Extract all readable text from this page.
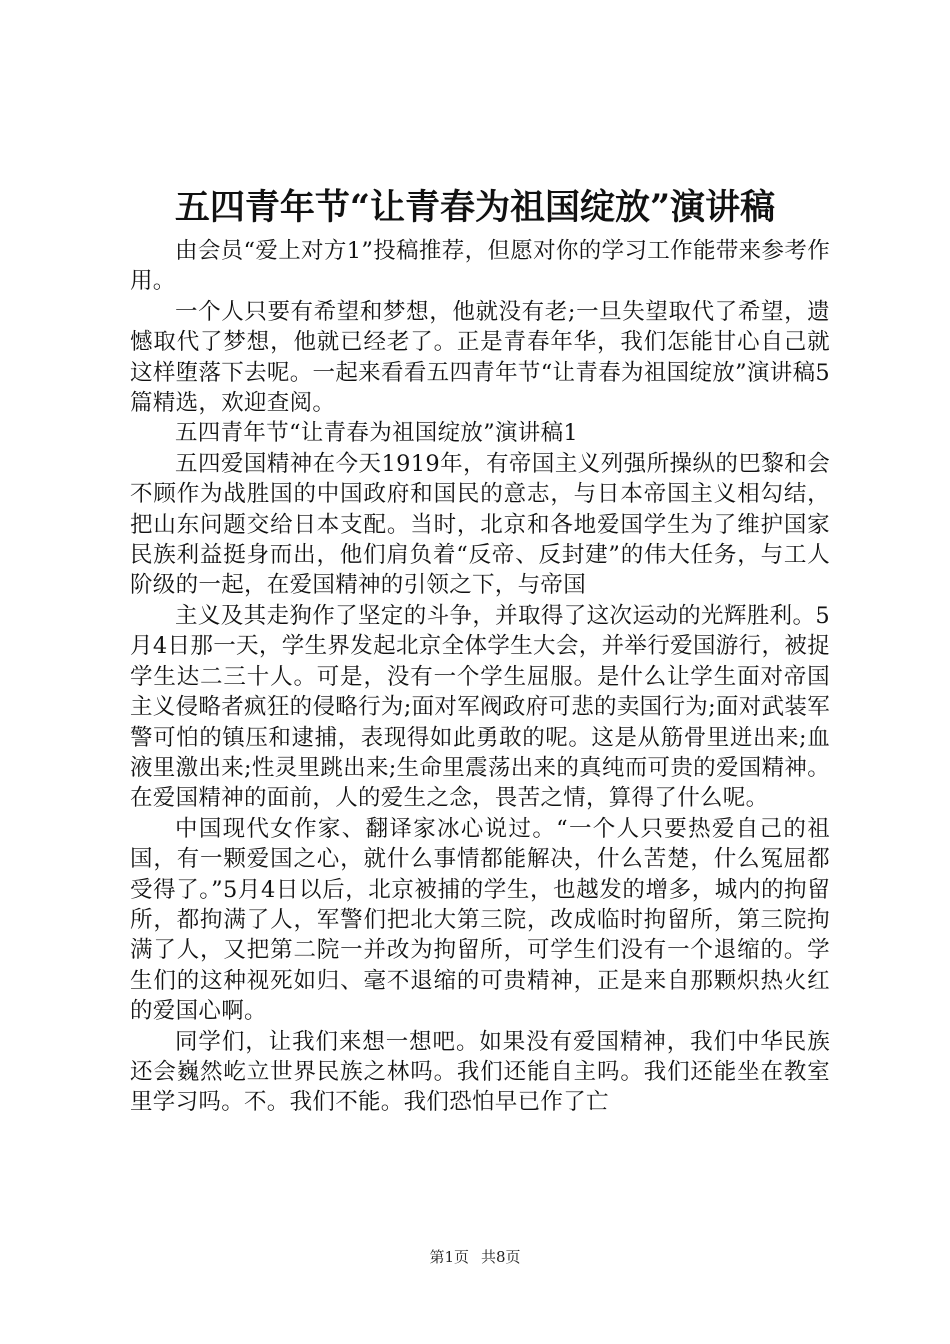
五四青年节“让青春为祖国绽放”演讲稿

由会员“爱上对方1”投稿推荐，但愿对你的学习工作能带来参考作用。

一个人只要有希望和梦想，他就没有老;一旦失望取代了希望，遗憾取代了梦想，他就已经老了。正是青春年华，我们怎能甘心自己就这样堕落下去呢。一起来看看五四青年节“让青春为祖国绽放”演讲稿5篇精选，欢迎查阅。

五四青年节“让青春为祖国绽放”演讲稿1

五四爱国精神在今天1919年，有帝国主义列强所操纵的巴黎和会不顾作为战胜国的中国政府和国民的意志，与日本帝国主义相勾结，把山东问题交给日本支配。当时，北京和各地爱国学生为了维护国家民族利益挺身而出，他们肩负着“反帝、反封建”的伟大任务，与工人阶级的一起，在爱国精神的引领之下，与帝国

主义及其走狗作了坚定的斗争，并取得了这次运动的光辉胜利。5月4日那一天，学生界发起北京全体学生大会，并举行爱国游行，被捉学生达二三十人。可是，没有一个学生屈服。是什么让学生面对帝国主义侵略者疯狂的侵略行为;面对军阀政府可悲的卖国行为;面对武装军警可怕的镇压和逮捕，表现得如此勇敢的呢。这是从筋骨里迸出来;血液里激出来;性灵里跳出来;生命里震荡出来的真纯而可贵的爱国精神。在爱国精神的面前，人的爱生之念，畏苦之情，算得了什么呢。

中国现代女作家、翻译家冰心说过。“一个人只要热爱自己的祖国，有一颗爱国之心，就什么事情都能解决，什么苦楚，什么冤屈都受得了。”5月4日以后，北京被捕的学生，也越发的增多，城内的拘留所，都拘满了人，军警们把北大第三院，改成临时拘留所，第三院拘满了人，又把第二院一并改为拘留所，可学生们没有一个退缩的。学生们的这种视死如归、毫不退缩的可贵精神，正是来自那颗炽热火红的爱国心啊。

同学们，让我们来想一想吧。如果没有爱国精神，我们中华民族还会巍然屹立世界民族之林吗。我们还能自主吗。我们还能坐在教室里学习吗。不。我们不能。我们恐怕早已作了亡

第1页 共8页
